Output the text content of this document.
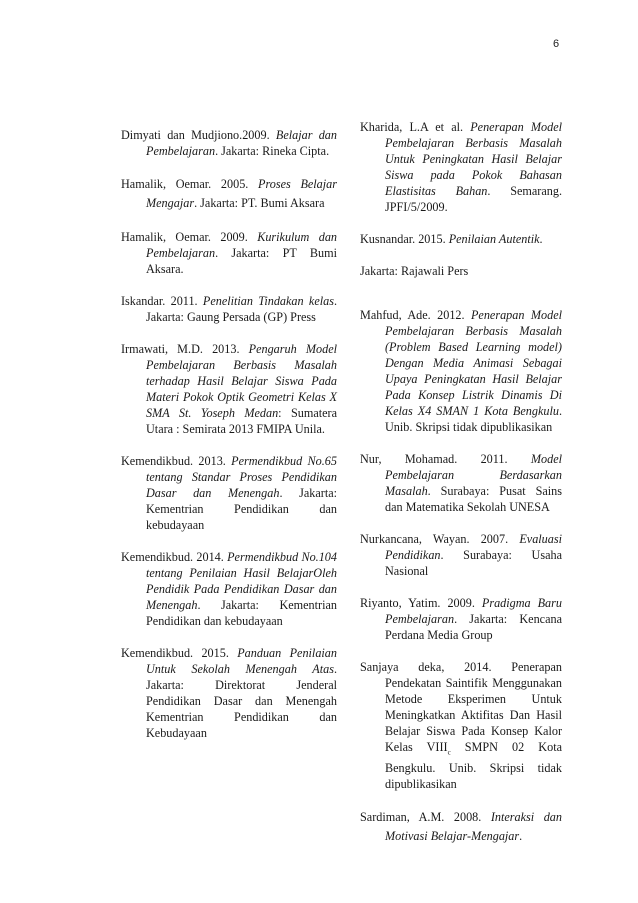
6

Dimyati dan Mudjiono.2009. Belajar dan Pembelajaran. Jakarta: Rineka Cipta.

Hamalik, Oemar. 2005. Proses Belajar Mengajar. Jakarta: PT. Bumi Aksara

Hamalik, Oemar. 2009. Kurikulum dan Pembelajaran. Jakarta: PT Bumi Aksara.

Iskandar. 2011. Penelitian Tindakan kelas. Jakarta: Gaung Persada (GP) Press

Irmawati, M.D. 2013. Pengaruh Model Pembelajaran Berbasis Masalah terhadap Hasil Belajar Siswa Pada Materi Pokok Optik Geometri Kelas X SMA St. Yoseph Medan: Sumatera Utara : Semirata 2013 FMIPA Unila.

Kemendikbud. 2013. Permendikbud No.65 tentang Standar Proses Pendidikan Dasar dan Menengah. Jakarta: Kementrian Pendidikan dan kebudayaan

Kemendikbud. 2014. Permendikbud No.104 tentang Penilaian Hasil BelajarOleh Pendidik Pada Pendidikan Dasar dan Menengah. Jakarta: Kementrian Pendidikan dan kebudayaan

Kemendikbud. 2015. Panduan Penilaian Untuk Sekolah Menengah Atas. Jakarta: Direktorat Jenderal Pendidikan Dasar dan Menengah Kementrian Pendidikan dan Kebudayaan

Kharida, L.A et al. Penerapan Model Pembelajaran Berbasis Masalah Untuk Peningkatan Hasil Belajar Siswa pada Pokok Bahasan Elastisitas Bahan. Semarang. JPFI/5/2009.

Kusnandar. 2015. Penilaian Autentik.

Jakarta: Rajawali Pers

Mahfud, Ade. 2012. Penerapan Model Pembelajaran Berbasis Masalah (Problem Based Learning model) Dengan Media Animasi Sebagai Upaya Peningkatan Hasil Belajar Pada Konsep Listrik Dinamis Di Kelas X4 SMAN 1 Kota Bengkulu. Unib. Skripsi tidak dipublikasikan

Nur, Mohamad. 2011. Model Pembelajaran Berdasarkan Masalah. Surabaya: Pusat Sains dan Matematika Sekolah UNESA

Nurkancana, Wayan. 2007. Evaluasi Pendidikan. Surabaya: Usaha Nasional

Riyanto, Yatim. 2009. Pradigma Baru Pembelajaran. Jakarta: Kencana Perdana Media Group

Sanjaya deka, 2014. Penerapan Pendekatan Saintifik Menggunakan Metode Eksperimen Untuk Meningkatkan Aktifitas Dan Hasil Belajar Siswa Pada Konsep Kalor Kelas $VIII_c$ SMPN 02 Kota Bengkulu. Unib. Skripsi tidak dipublikasikan

Sardiman, A.M. 2008. Interaksi dan Motivasi Belajar-Mengajar.
